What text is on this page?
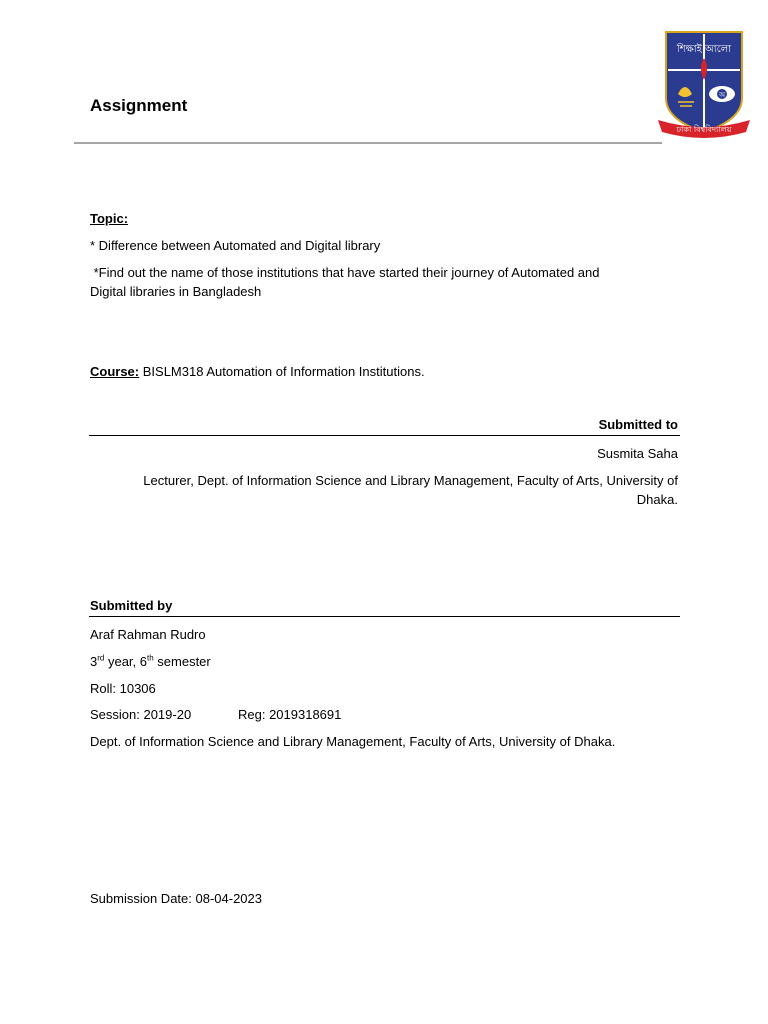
Assignment
শিক্ষাই আলো
অ
ঢাকা বিশ্ববিদ্যালয়
Topic:
* Difference between Automated and Digital library
*Find out the name of those institutions that have started their journey of Automated and
Digital libraries in Bangladesh
Course: BISLM318 Automation of Information Institutions.
Submitted to
Susmita Saha
Lecturer, Dept. of Information Science and Library Management, Faculty of Arts, University of
Dhaka.
Submitted by
Araf Rahman Rudro
3rd year, 6th semester
Roll: 10306
Session: 2019-20	Reg: 2019318691
Dept. of Information Science and Library Management, Faculty of Arts, University of Dhaka.
Submission Date: 08-04-2023
